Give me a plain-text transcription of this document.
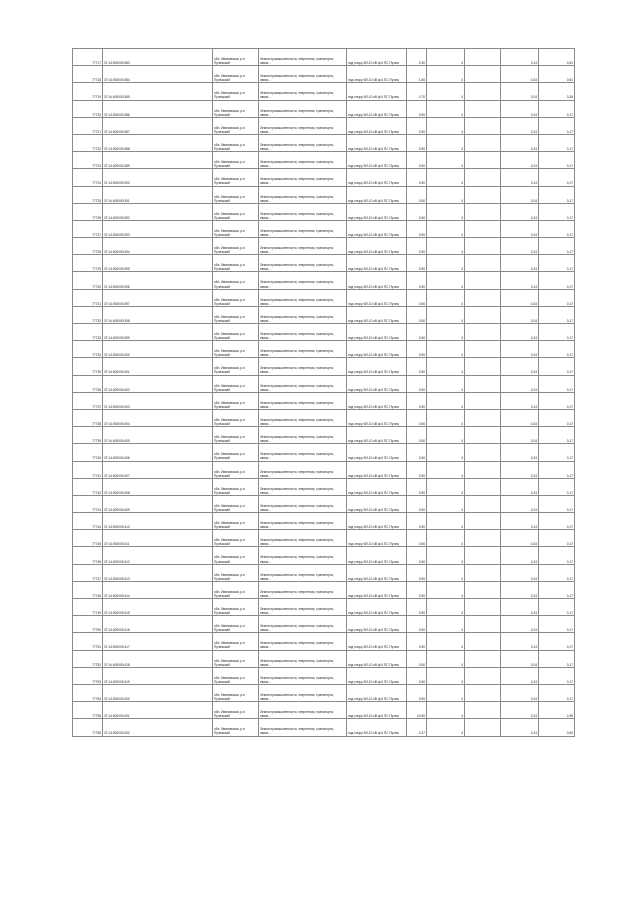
77717	37:14:000000:383	обл. Ивановская, р-н Пучежский	Земли промышленности, энергетики, транспорта, связи...	под опору ВЛ-10 кВ ф.6 ПС Пучеж	2.50	4		0,24	0,81
77718	37:14:000000:384	обл. Ивановская, р-н Пучежский	Земли промышленности, энергетики, транспорта, связи...	под опору ВЛ-10 кВ ф.6 ПС Пучеж	1.50	4		0,24	0,61
77719	37:14:000000:385	обл. Ивановская, р-н Пучежский	Земли промышленности, энергетики, транспорта, связи...	под опору ВЛ-10 кВ ф.6 ПС Пучеж	0.70	4		0,24	0,36
77720	37:14:000000:386	обл. Ивановская, р-н Пучежский	Земли промышленности, энергетики, транспорта, связи...	под опору ВЛ-10 кВ ф.6 ПС Пучеж	0.50	4		0,24	0,17
77721	37:14:000000:387	обл. Ивановская, р-н Пучежский	Земли промышленности, энергетики, транспорта, связи...	под опору ВЛ-10 кВ ф.6 ПС Пучеж	0.50	4		0,24	0,17
77722	37:14:000000:388	обл. Ивановская, р-н Пучежский	Земли промышленности, энергетики, транспорта, связи...	под опору ВЛ-10 кВ ф.6 ПС Пучеж	0.50	4		0,24	0,17
77723	37:14:000000:389	обл. Ивановская, р-н Пучежский	Земли промышленности, энергетики, транспорта, связи...	под опору ВЛ-10 кВ ф.6 ПС Пучеж	0.50	4		0,24	0,17
77724	37:14:000000:390	обл. Ивановская, р-н Пучежский	Земли промышленности, энергетики, транспорта, связи...	под опору ВЛ-10 кВ ф.6 ПС Пучеж	0.50	4		0,24	0,17
77725	37:14:000000:391	обл. Ивановская, р-н Пучежский	Земли промышленности, энергетики, транспорта, связи...	под опору ВЛ-10 кВ ф.6 ПС Пучеж	0.50	4		0,24	0,17
77726	37:14:000000:392	обл. Ивановская, р-н Пучежский	Земли промышленности, энергетики, транспорта, связи...	под опору ВЛ-10 кВ ф.6 ПС Пучеж	0.50	4		0,24	0,17
77727	37:14:000000:393	обл. Ивановская, р-н Пучежский	Земли промышленности, энергетики, транспорта, связи...	под опору ВЛ-10 кВ ф.6 ПС Пучеж	0.50	4		0,24	0,17
77728	37:14:000000:394	обл. Ивановская, р-н Пучежский	Земли промышленности, энергетики, транспорта, связи...	под опору ВЛ-10 кВ ф.6 ПС Пучеж	0.50	4		0,24	0,17
77729	37:14:000000:395	обл. Ивановская, р-н Пучежский	Земли промышленности, энергетики, транспорта, связи...	под опору ВЛ-10 кВ ф.6 ПС Пучеж	0.50	4		0,24	0,17
77730	37:14:000000:396	обл. Ивановская, р-н Пучежский	Земли промышленности, энергетики, транспорта, связи...	под опору ВЛ-10 кВ ф.6 ПС Пучеж	0.50	4		0,24	0,17
77731	37:14:000000:397	обл. Ивановская, р-н Пучежский	Земли промышленности, энергетики, транспорта, связи...	под опору ВЛ-10 кВ ф.6 ПС Пучеж	0.50	4		0,24	0,17
77732	37:14:000000:398	обл. Ивановская, р-н Пучежский	Земли промышленности, энергетики, транспорта, связи...	под опору ВЛ-10 кВ ф.6 ПС Пучеж	0.50	4		0,24	0,17
77733	37:14:000000:399	обл. Ивановская, р-н Пучежский	Земли промышленности, энергетики, транспорта, связи...	под опору ВЛ-10 кВ ф.6 ПС Пучеж	0.50	4		0,24	0,17
77734	37:14:000000:400	обл. Ивановская, р-н Пучежский	Земли промышленности, энергетики, транспорта, связи...	под опору ВЛ-10 кВ ф.6 ПС Пучеж	0.50	4		0,24	0,17
77735	37:14:000000:401	обл. Ивановская, р-н Пучежский	Земли промышленности, энергетики, транспорта, связи...	под опору ВЛ-10 кВ ф.6 ПС Пучеж	0.50	4		0,24	0,17
77736	37:14:000000:402	обл. Ивановская, р-н Пучежский	Земли промышленности, энергетики, транспорта, связи...	под опору ВЛ-10 кВ ф.6 ПС Пучеж	0.50	4		0,24	0,17
77737	37:14:000000:403	обл. Ивановская, р-н Пучежский	Земли промышленности, энергетики, транспорта, связи...	под опору ВЛ-10 кВ ф.6 ПС Пучеж	0.50	4		0,24	0,17
77738	37:14:000000:404	обл. Ивановская, р-н Пучежский	Земли промышленности, энергетики, транспорта, связи...	под опору ВЛ-10 кВ ф.6 ПС Пучеж	0.50	4		0,24	0,17
77739	37:14:000000:405	обл. Ивановская, р-н Пучежский	Земли промышленности, энергетики, транспорта, связи...	под опору ВЛ-10 кВ ф.6 ПС Пучеж	0.50	4		0,24	0,17
77740	37:14:000000:406	обл. Ивановская, р-н Пучежский	Земли промышленности, энергетики, транспорта, связи...	под опору ВЛ-10 кВ ф.6 ПС Пучеж	0.50	4		0,24	0,17
77741	37:14:000000:407	обл. Ивановская, р-н Пучежский	Земли промышленности, энергетики, транспорта, связи...	под опору ВЛ-10 кВ ф.6 ПС Пучеж	0.50	4		0,24	0,17
77742	37:14:000000:408	обл. Ивановская, р-н Пучежский	Земли промышленности, энергетики, транспорта, связи...	под опору ВЛ-10 кВ ф.6 ПС Пучеж	0.50	4		0,24	0,17
77743	37:14:000000:409	обл. Ивановская, р-н Пучежский	Земли промышленности, энергетики, транспорта, связи...	под опору ВЛ-10 кВ ф.6 ПС Пучеж	0.50	4		0,24	0,17
77744	37:14:000000:410	обл. Ивановская, р-н Пучежский	Земли промышленности, энергетики, транспорта, связи...	под опору ВЛ-10 кВ ф.6 ПС Пучеж	0.50	4		0,24	0,17
77745	37:14:000000:411	обл. Ивановская, р-н Пучежский	Земли промышленности, энергетики, транспорта, связи...	под опору ВЛ-10 кВ ф.6 ПС Пучеж	0.50	4		0,24	0,17
77746	37:14:000000:412	обл. Ивановская, р-н Пучежский	Земли промышленности, энергетики, транспорта, связи...	под опору ВЛ-10 кВ ф.6 ПС Пучеж	0.50	4		0,24	0,17
77747	37:14:000000:413	обл. Ивановская, р-н Пучежский	Земли промышленности, энергетики, транспорта, связи...	под опору ВЛ-10 кВ ф.6 ПС Пучеж	0.50	4		0,24	0,17
77748	37:14:000000:414	обл. Ивановская, р-н Пучежский	Земли промышленности, энергетики, транспорта, связи...	под опору ВЛ-10 кВ ф.6 ПС Пучеж	0.50	4		0,24	0,17
77749	37:14:000000:415	обл. Ивановская, р-н Пучежский	Земли промышленности, энергетики, транспорта, связи...	под опору ВЛ-10 кВ ф.6 ПС Пучеж	0.50	4		0,24	0,17
77750	37:14:000000:416	обл. Ивановская, р-н Пучежский	Земли промышленности, энергетики, транспорта, связи...	под опору ВЛ-10 кВ ф.6 ПС Пучеж	0.50	4		0,24	0,17
77751	37:14:000000:417	обл. Ивановская, р-н Пучежский	Земли промышленности, энергетики, транспорта, связи...	под опору ВЛ-10 кВ ф.6 ПС Пучеж	0.50	4		0,24	0,17
77752	37:14:000000:418	обл. Ивановская, р-н Пучежский	Земли промышленности, энергетики, транспорта, связи...	под опору ВЛ-10 кВ ф.6 ПС Пучеж	0.50	4		0,24	0,17
77753	37:14:000000:419	обл. Ивановская, р-н Пучежский	Земли промышленности, энергетики, транспорта, связи...	под опору ВЛ-10 кВ ф.6 ПС Пучеж	0.50	4		0,24	0,17
77754	37:14:000000:420	обл. Ивановская, р-н Пучежский	Земли промышленности, энергетики, транспорта, связи...	под опору ВЛ-10 кВ ф.6 ПС Пучеж	0.50	4		0,24	0,17
77755	37:14:000000:421	обл. Ивановская, р-н Пучежский	Земли промышленности, энергетики, транспорта, связи...	под опору ВЛ-10 кВ ф.6 ПС Пучеж	10.50	4		0,24	2,55
77756	37:14:000000:422	обл. Ивановская, р-н Пучежский	Земли промышленности, энергетики, транспорта, связи...	под опору ВЛ-10 кВ ф.6 ПС Пучеж	2.47	4		0,24	0,60
